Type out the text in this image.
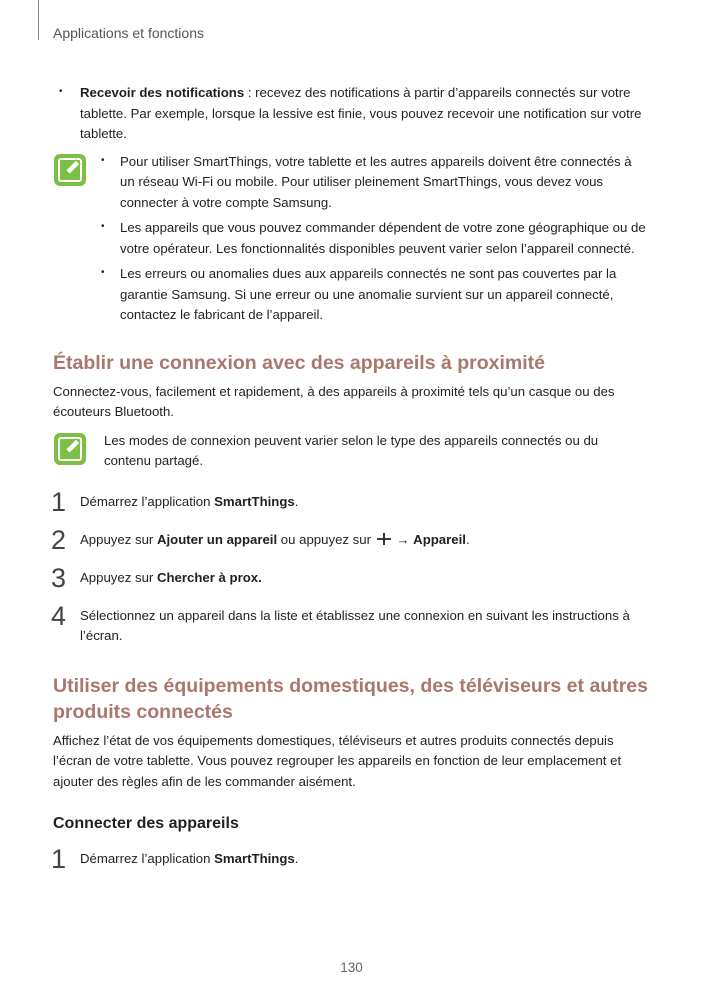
Applications et fonctions
• Recevoir des notifications : recevez des notifications à partir d’appareils connectés sur votre tablette. Par exemple, lorsque la lessive est finie, vous pouvez recevoir une notification sur votre tablette.
• Pour utiliser SmartThings, votre tablette et les autres appareils doivent être connectés à un réseau Wi-Fi ou mobile. Pour utiliser pleinement SmartThings, vous devez vous connecter à votre compte Samsung.
• Les appareils que vous pouvez commander dépendent de votre zone géographique ou de votre opérateur. Les fonctionnalités disponibles peuvent varier selon l’appareil connecté.
• Les erreurs ou anomalies dues aux appareils connectés ne sont pas couvertes par la garantie Samsung. Si une erreur ou une anomalie survient sur un appareil connecté, contactez le fabricant de l’appareil.
Établir une connexion avec des appareils à proximité
Connectez-vous, facilement et rapidement, à des appareils à proximité tels qu’un casque ou des écouteurs Bluetooth.
Les modes de connexion peuvent varier selon le type des appareils connectés ou du contenu partagé.
1 Démarrez l’application SmartThings.
2 Appuyez sur Ajouter un appareil ou appuyez sur  → Appareil.
3 Appuyez sur Chercher à prox.
4 Sélectionnez un appareil dans la liste et établissez une connexion en suivant les instructions à l’écran.
Utiliser des équipements domestiques, des téléviseurs et autres produits connectés
Affichez l’état de vos équipements domestiques, téléviseurs et autres produits connectés depuis l’écran de votre tablette. Vous pouvez regrouper les appareils en fonction de leur emplacement et ajouter des règles afin de les commander aisément.
Connecter des appareils
1 Démarrez l’application SmartThings.
130
